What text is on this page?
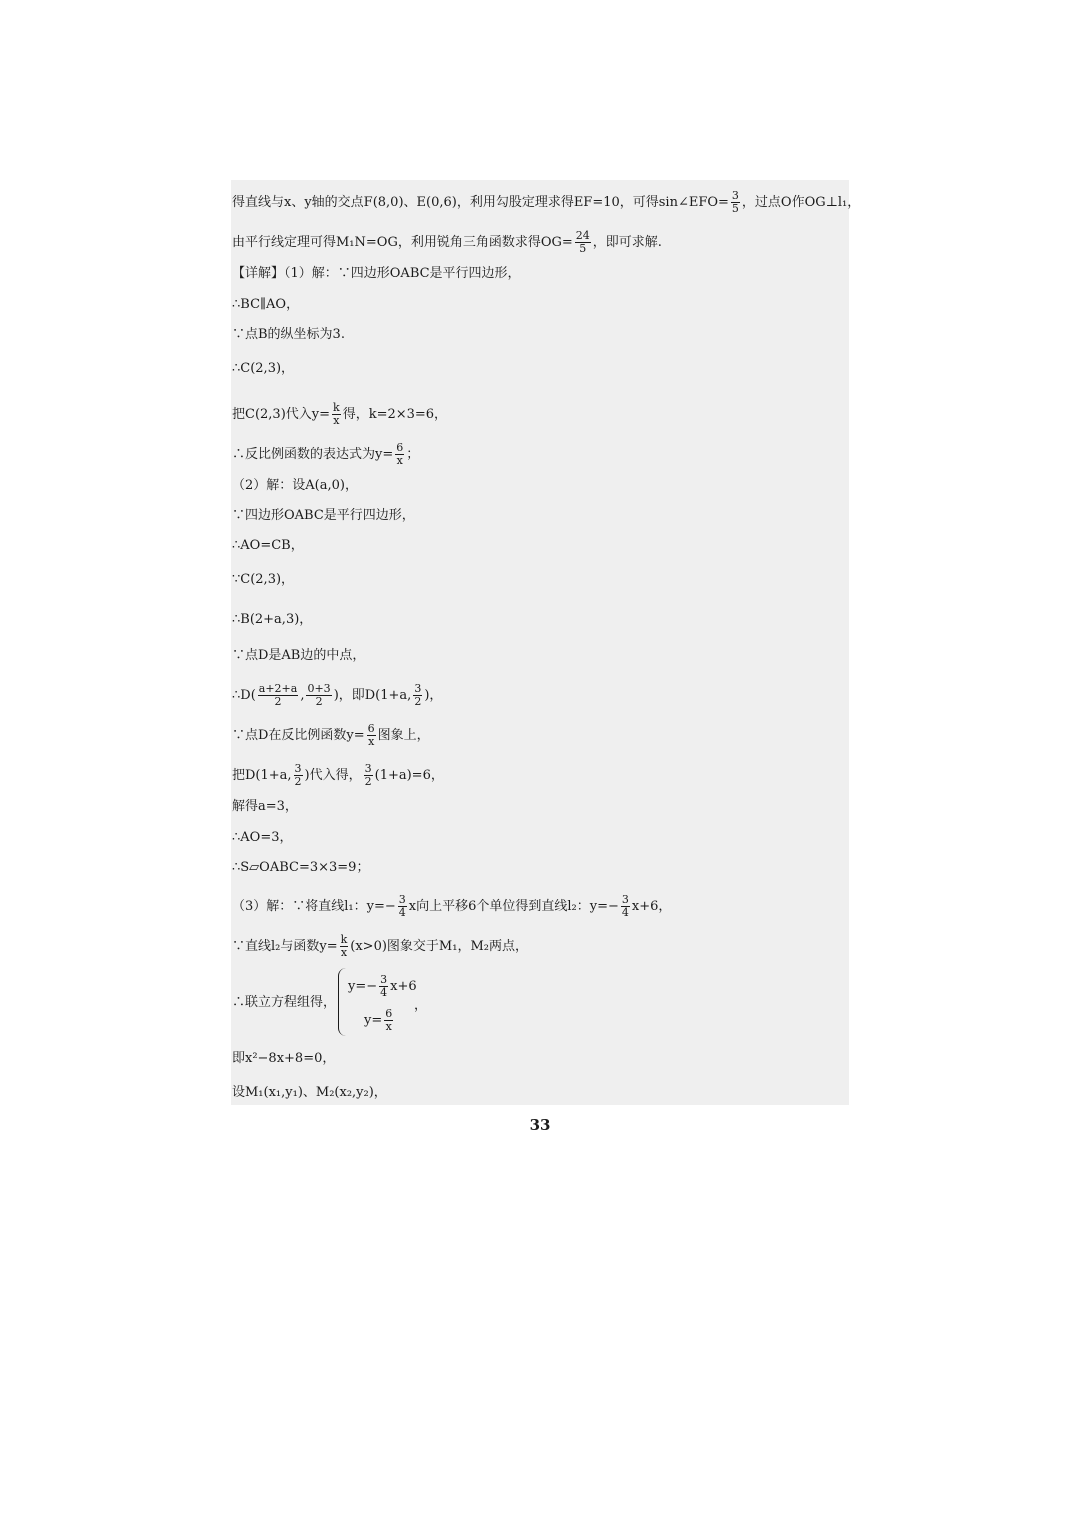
得直线与x、y轴的交点F(8,0)、E(0,6)，利用勾股定理求得EF=10，可得sin∠EFO= $\frac{3}{5}$ ，过点O作OG⊥l₁，
由平行线定理可得M₁N=OG，利用锐角三角函数求得$OG= \frac{24}{5}$ ，即可求解.
【详解】（1）解：∵四边形OABC是平行四边形，
∴BC∥AO，
∵点B的纵坐标为3.
∴C(2,3)，
把C(2,3)代入$y= \frac{k}{x}$ 得，k=2×3=6，
∴反比例函数的表达式为$y= \frac{6}{x}$ ；
（2）解：设A(a,0)，
∵四边形OABC是平行四边形，
∴AO=CB，
∵C(2,3)，
∴B(2+a,3)，
∵点D是AB边的中点，
∴D( $\frac{a+2+a}{2}$ , $\frac{0+3}{2}$ )，即D(1+a, $\frac{3}{2}$ )，
∵点D在反比例函数$y= \frac{6}{x}$ 图象上，
把D(1+a, $\frac{3}{2}$ )代入得， $\frac{3}{2} (1+a)=6$，
解得a=3，
∴AO=3，
∴S▱OABC=3×3=9；
（3）解：∵将直线l₁：$y=- \frac{3}{4}$ x向上平移6个单位得到直线l₂：$y=- \frac{3}{4} x+6$，
∵直线l₂与函数$y= \frac{k}{x} (x>0)$图象交于M₁，M₂两点，
∴联立方程组得，
即x²−8x+8=0，
设M₁(x₁,y₁)、M₂(x₂,y₂)，
$y=- \frac{3}{4} x+6$
$y= \frac{6}{x}$
，
33
